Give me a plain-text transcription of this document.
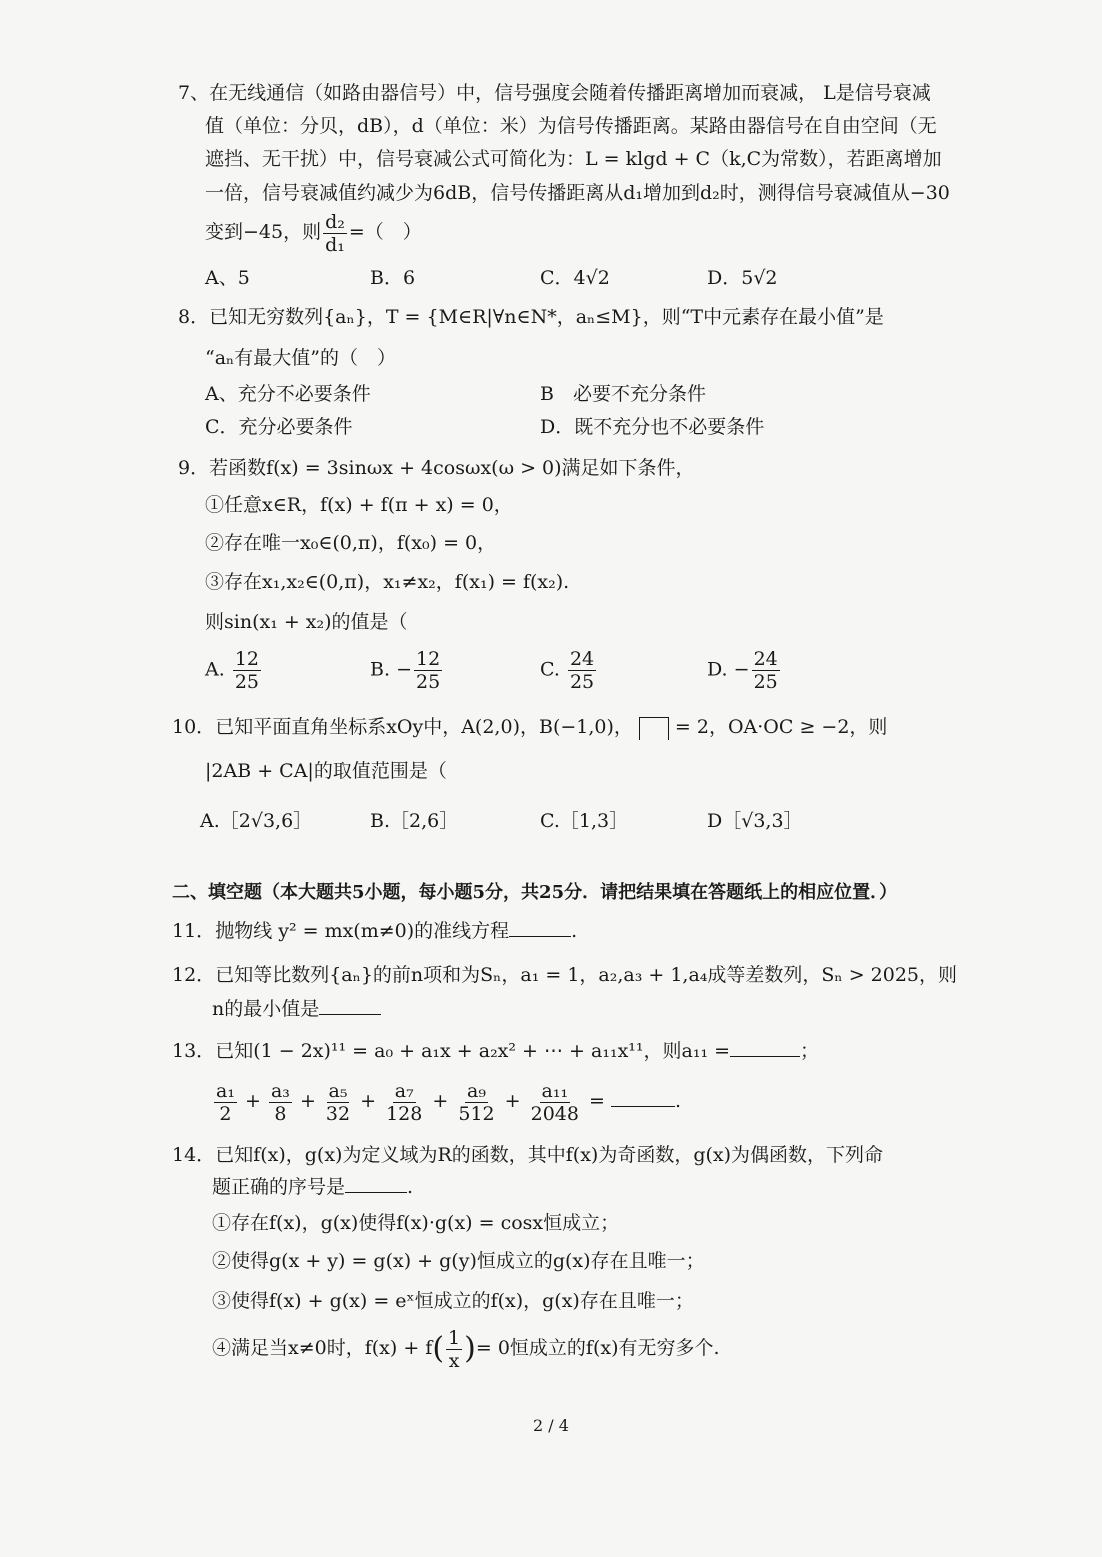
7、在无线通信（如路由器信号）中，信号强度会随着传播距离增加而衰减， L是信号衰减
值（单位：分贝，dB），d（单位：米）为信号传播距离。某路由器信号在自由空间（无
遮挡、无干扰）中，信号衰减公式可简化为：L = klgd + C（k,C为常数），若距离增加
一倍，信号衰减值约减少为6dB，信号传播距离从d₁增加到d₂时，测得信号衰减值从−30
变到−45，则 $\frac{\text{d₂}}{\text{d₁}}$ =（　）
A、5	B．6	C．4√2	D．5√2
8．已知无穷数列{aₙ}，T = {M∈R|∀n∈N*，aₙ≤M}，则“T中元素存在最小值”是
“aₙ有最大值”的（　）
A、充分不必要条件	B　必要不充分条件
C．充分必要条件	D．既不充分也不必要条件
9．若函数f(x) = 3sinωx + 4cosωx(ω > 0)满足如下条件，
①任意x∈R，f(x) + f(π + x) = 0，
②存在唯一x₀∈(0,π)，f(x₀) = 0，
③存在x₁,x₂∈(0,π)，x₁≠x₂，f(x₁) = f(x₂).
则sin(x₁ + x₂)的值是（
A. $\frac{12}{25}$	B. − $\frac{12}{25}$	C. $\frac{24}{25}$	D. − $\frac{24}{25}$
10．已知平面直角坐标系xOy中，A(2,0)，B(−1,0)， = 2，OA·OC ≥ −2，则
|2AB + CA|的取值范围是（
A.［2√3,6］	B.［2,6］	C.［1,3］	D［√3,3］
二、填空题（本大题共5小题，每小题5分，共25分．请把结果填在答题纸上的相应位置．）
11．抛物线 y² = mx(m≠0)的准线方程	.
12．已知等比数列{aₙ}的前n项和为Sₙ，a₁ = 1，a₂,a₃ + 1,a₄成等差数列，Sₙ > 2025，则
n的最小值是
13．已知(1 − 2x)¹¹ = a₀ + a₁x + a₂x² + ⋯ + a₁₁x¹¹，则a₁₁ =	；
$\frac{\text{a₁}}{2} + \frac{\text{a₃}}{8} + \frac{\text{a₅}}{32} + \frac{\text{a₇}}{128} + \frac{\text{a₉}}{512} + \frac{\text{a₁₁}}{2048}$ =	.
14．已知f(x)，g(x)为定义域为R的函数，其中f(x)为奇函数，g(x)为偶函数，下列命
题正确的序号是	.
①存在f(x)，g(x)使得f(x)·g(x) = cosx恒成立；
②使得g(x + y) = g(x) + g(y)恒成立的g(x)存在且唯一；
③使得f(x) + g(x) = eˣ恒成立的f(x)，g(x)存在且唯一；
④满足当x≠0时，$f(x) + f( \frac{1}{x}$ )= 0恒成立的f(x)有无穷多个.
2 / 4
